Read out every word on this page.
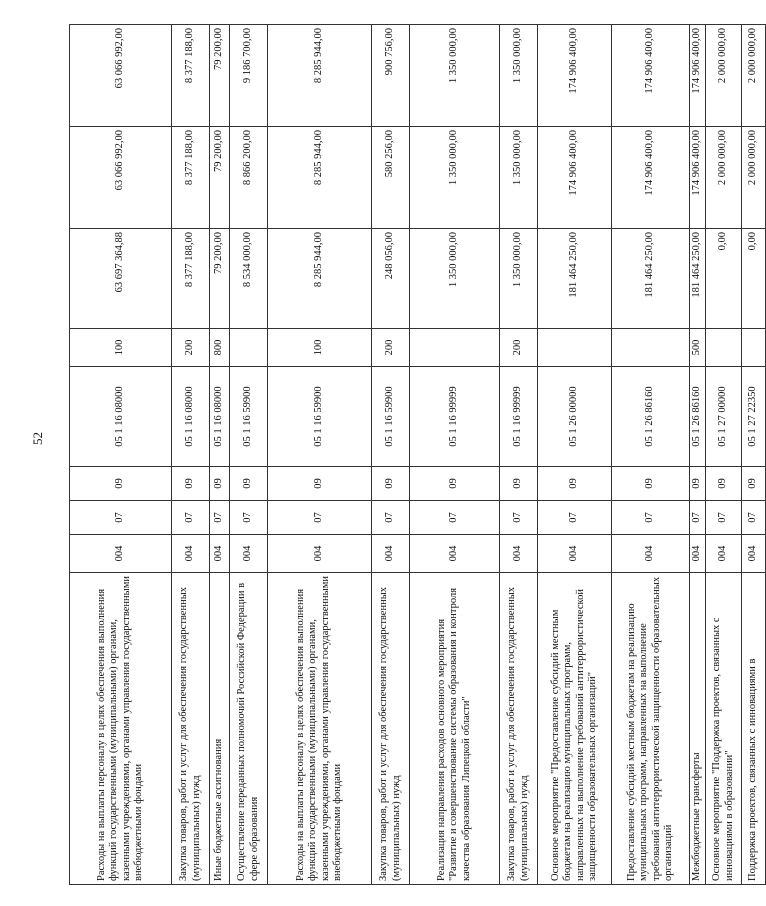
52
Расходы на выплаты персоналу в целях обеспечения выполнения функций государственными (муниципальными) органами, казенными учреждениями, органами управления государственными внебюджетными фондами	004	07	09	05 1 16 08000	100	63 697 364,88	63 066 992,00	63 066 992,00
Закупка товаров, работ и услуг для обеспечения государственных (муниципальных) нужд	004	07	09	05 1 16 08000	200	8 377 188,00	8 377 188,00	8 377 188,00
Иные бюджетные ассигнования	004	07	09	05 1 16 08000	800	79 200,00	79 200,00	79 200,00
Осуществление переданных полномочий Российской Федерации в сфере образования	004	07	09	05 1 16 59900		8 534 000,00	8 866 200,00	9 186 700,00
Расходы на выплаты персоналу в целях обеспечения выполнения функций государственными (муниципальными) органами, казенными учреждениями, органами управления государственными внебюджетными фондами	004	07	09	05 1 16 59900	100	8 285 944,00	8 285 944,00	8 285 944,00
Закупка товаров, работ и услуг для обеспечения государственных (муниципальных) нужд	004	07	09	05 1 16 59900	200	248 056,00	580 256,00	900 756,00
Реализация направления расходов основного мероприятия "Развитие и совершенствование системы образования и контроля качества образования Липецкой области"	004	07	09	05 1 16 99999		1 350 000,00	1 350 000,00	1 350 000,00
Закупка товаров, работ и услуг для обеспечения государственных (муниципальных) нужд	004	07	09	05 1 16 99999	200	1 350 000,00	1 350 000,00	1 350 000,00
Основное мероприятие "Предоставление субсидий местным бюджетам на реализацию муниципальных программ, направленных на выполнение требований антитеррористической защищенности образовательных организаций"	004	07	09	05 1 26 00000		181 464 250,00	174 906 400,00	174 906 400,00
Предоставление субсидий местным бюджетам на реализацию муниципальных программ, направленных на выполнение требований антитеррористической защищенности образовательных организаций	004	07	09	05 1 26 86160		181 464 250,00	174 906 400,00	174 906 400,00
Межбюджетные трансферты	004	07	09	05 1 26 86160	500	181 464 250,00	174 906 400,00	174 906 400,00
Основное мероприятие "Поддержка проектов, связанных с инновациями в образовании"	004	07	09	05 1 27 00000		0,00	2 000 000,00	2 000 000,00
Поддержка проектов, связанных с инновациями в	004	07	09	05 1 27 22350		0,00	2 000 000,00	2 000 000,00
